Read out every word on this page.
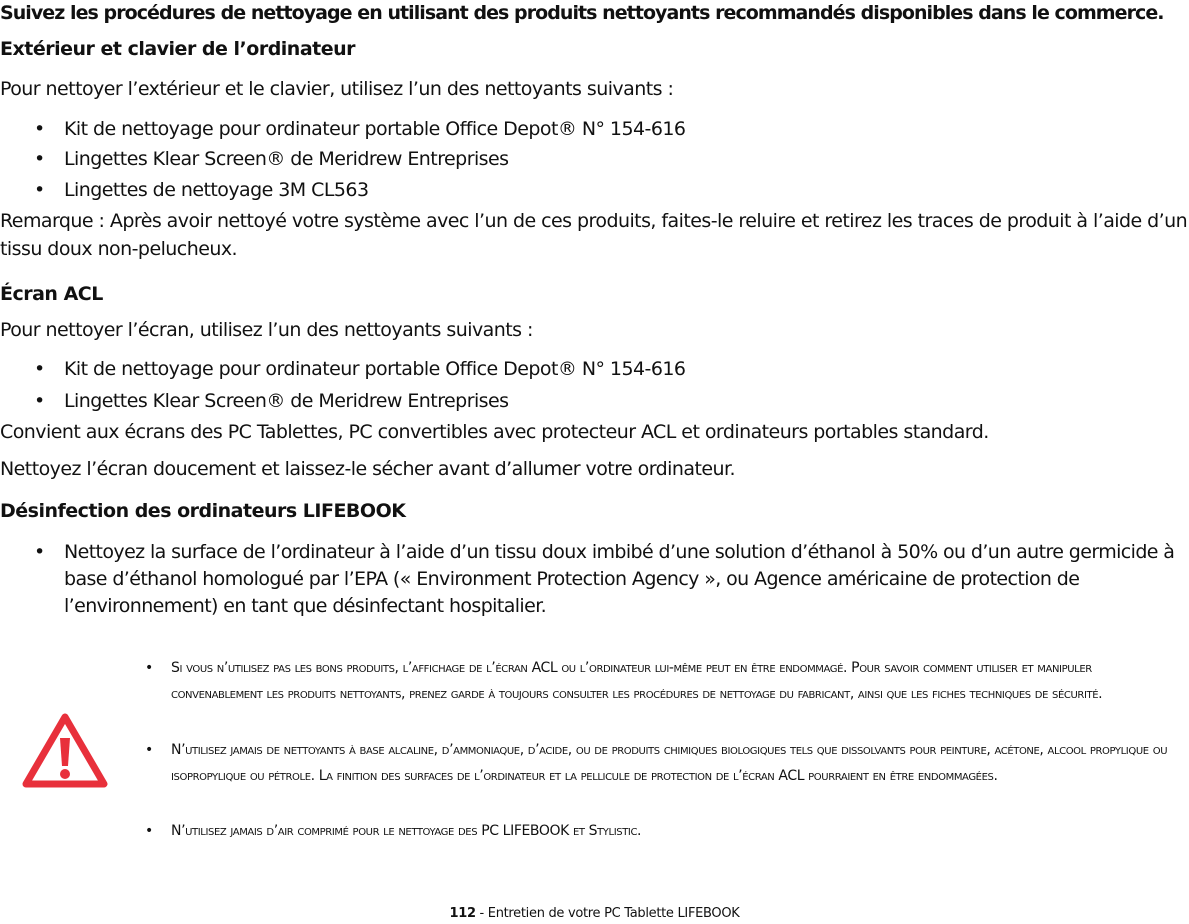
Suivez les procédures de nettoyage en utilisant des produits nettoyants recommandés disponibles dans le commerce.
Extérieur et clavier de l’ordinateur
Pour nettoyer l’extérieur et le clavier, utilisez l’un des nettoyants suivants :
• Kit de nettoyage pour ordinateur portable Office Depot® N° 154-616
• Lingettes Klear Screen® de Meridrew Entreprises
• Lingettes de nettoyage 3M CL563
Remarque : Après avoir nettoyé votre système avec l’un de ces produits, faites-le reluire et retirez les traces de produit à l’aide d’un tissu doux non-pelucheux.
Écran ACL
Pour nettoyer l’écran, utilisez l’un des nettoyants suivants :
• Kit de nettoyage pour ordinateur portable Office Depot® N° 154-616
• Lingettes Klear Screen® de Meridrew Entreprises
Convient aux écrans des PC Tablettes, PC convertibles avec protecteur ACL et ordinateurs portables standard.
Nettoyez l’écran doucement et laissez-le sécher avant d’allumer votre ordinateur.
Désinfection des ordinateurs LIFEBOOK
• Nettoyez la surface de l’ordinateur à l’aide d’un tissu doux imbibé d’une solution d’éthanol à 50% ou d’un autre germicide à base d’éthanol homologué par l’EPA (« Environment Protection Agency », ou Agence américaine de protection de l’environnement) en tant que désinfectant hospitalier.
• Si vous n’utilisez pas les bons produits, l’affichage de l’écran ACL ou l’ordinateur lui-même peut en être endommagé. Pour savoir comment utiliser et manipuler convenablement les produits nettoyants, prenez garde à toujours consulter les procédures de nettoyage du fabricant, ainsi que les fiches techniques de sécurité.
• N’utilisez jamais de nettoyants à base alcaline, d’ammoniaque, d’acide, ou de produits chimiques biologiques tels que dissolvants pour peinture, acétone, alcool propylique ou isopropylique ou pétrole. La finition des surfaces de l’ordinateur et la pellicule de protection de l’écran ACL pourraient en être endommagées.
• N’utilisez jamais d’air comprimé pour le nettoyage des PC LIFEBOOK et Stylistic.
112 - Entretien de votre PC Tablette LIFEBOOK
